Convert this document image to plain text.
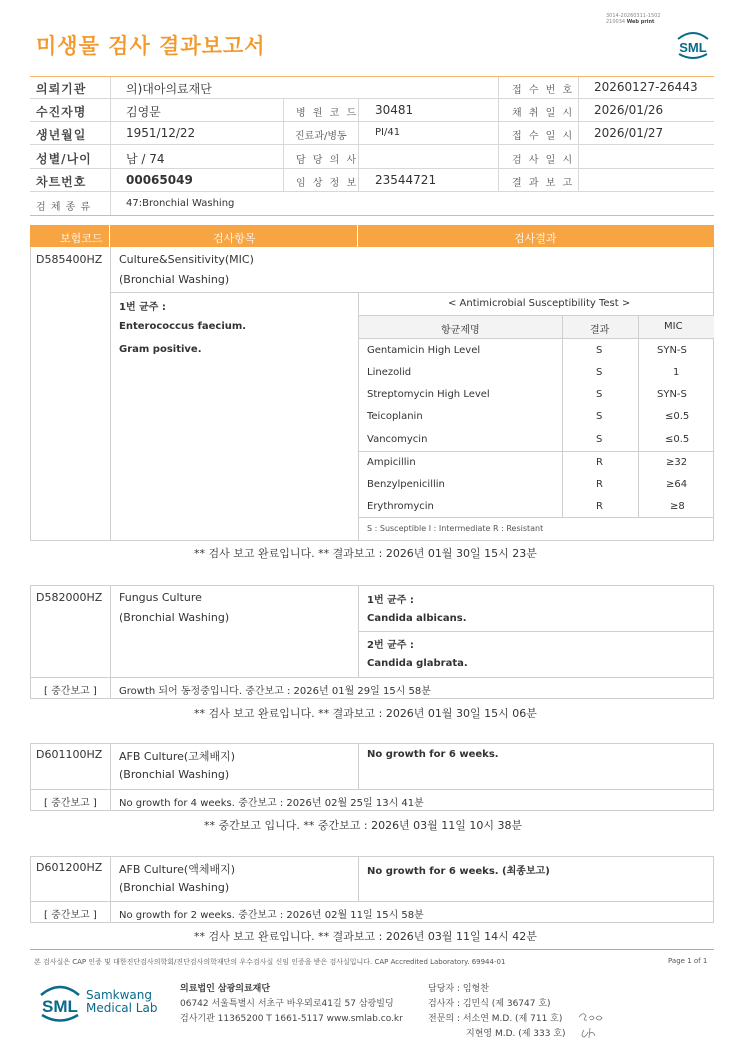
미생물 검사 결과보고서
3014-20260311-1502
210034 Web print
SML
의뢰기관	의)대아의료재단	접 수 번 호 20260127-26443
수진자명	김영문	병 원 코 드 30481	채 취 일 시 2026/01/26
생년월일	1951/12/22	진료과/병동	PI/41	접 수 일 시 2026/01/27
성별/나이	남 / 74	담 당 의 사	검 사 일 시
차트번호	00065049	임 상 정 보 23544721	결 과 보 고
검 체 종 류	47:Bronchial Washing
보험코드	검사항목	검사결과
D585400HZ Culture&Sensitivity(MIC)
(Bronchial Washing)
1번 균주 :
Enterococcus faecium.
Gram positive.
< Antimicrobial Susceptibility Test >
항균제명	결과	MIC
Gentamicin High Level	S	SYN-S
Linezolid	S	1
Streptomycin High Level	S	SYN-S
Teicoplanin	S	≤0.5
Vancomycin	S	≤0.5
Ampicillin	R	≥32
Benzylpenicillin	R	≥64
Erythromycin	R	≥8
S : Susceptible I : Intermediate R : Resistant
** 검사 보고 완료입니다. ** 결과보고 : 2026년 01월 30일 15시 23분
D582000HZ Fungus Culture
(Bronchial Washing)
1번 균주 :
Candida albicans.
2번 균주 :
Candida glabrata.
[ 중간보고 ] Growth 되어 동정중입니다. 중간보고 : 2026년 01월 29일 15시 58분
** 검사 보고 완료입니다. ** 결과보고 : 2026년 01월 30일 15시 06분
D601100HZ AFB Culture(고체배지)
(Bronchial Washing)
No growth for 6 weeks.
[ 중간보고 ] No growth for 4 weeks. 중간보고 : 2026년 02월 25일 13시 41분
** 중간보고 입니다. ** 중간보고 : 2026년 03월 11일 10시 38분
D601200HZ AFB Culture(액체배지)
(Bronchial Washing)
No growth for 6 weeks. (최종보고)
[ 중간보고 ] No growth for 2 weeks. 중간보고 : 2026년 02월 11일 15시 58분
** 검사 보고 완료입니다. ** 결과보고 : 2026년 03월 11일 14시 42분
본 검사실은 CAP 인증 및 대한진단검사의학회/진단검사의학재단의 우수검사실 신임 인증을 받은 검사실입니다. CAP Accredited Laboratory. 69944-01	Page 1 of 1
SML
Samkwang
Medical Lab
의료법인 삼광의료재단
06742 서울특별시 서초구 바우뫼로41길 57 삼광빌딩
검사기관 11365200 T 1661-5117 www.smlab.co.kr
담당자 : 임형찬
검사자 : 김민식 (제 36747 호)
전문의 : 서소연 M.D. (제 711 호)
지현영 M.D. (제 333 호)
